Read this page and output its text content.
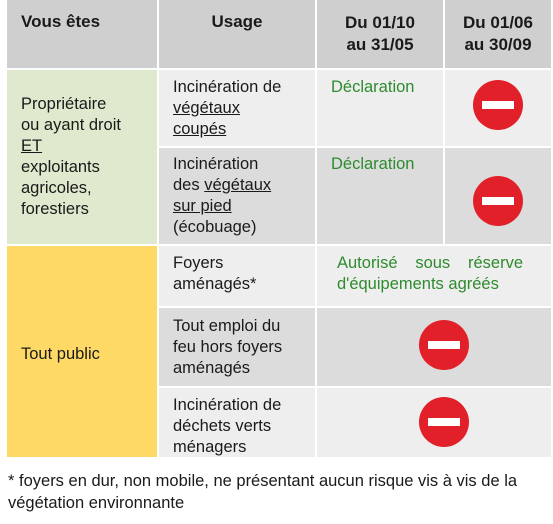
Vous êtes	Usage	Du 01/10
au 31/05
Du 01/06
au 30/09
Propriétaire
ou ayant droit
ET
exploitants
agricoles,
forestiers
Incinération de
végétaux
coupés
Déclaration
Incinération
des végétaux
sur pied
(écobuage)
Déclaration
Tout public
Foyers
aménagés*
Autorisé sous réserve
d'équipements agréés
Tout emploi du
feu hors foyers
aménagés
Incinération de
déchets verts
ménagers
* foyers en dur, non mobile, ne présentant aucun risque vis à vis de la
végétation environnante
